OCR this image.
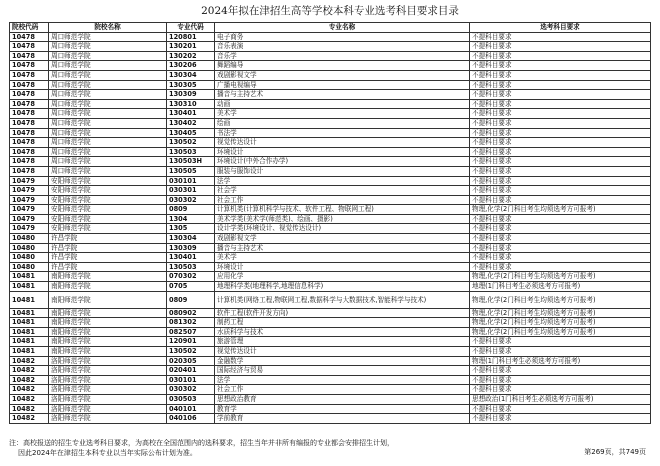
2024年拟在津招生高等学校本科专业选考科目要求目录
院校代码	院校名称	专业代码	专业名称	选考科目要求
10478	周口师范学院	120801	电子商务	不提科目要求
10478	周口师范学院	130201	音乐表演	不提科目要求
10478	周口师范学院	130202	音乐学	不提科目要求
10478	周口师范学院	130206	舞蹈编导	不提科目要求
10478	周口师范学院	130304	戏剧影视文学	不提科目要求
10478	周口师范学院	130305	广播电视编导	不提科目要求
10478	周口师范学院	130309	播音与主持艺术	不提科目要求
10478	周口师范学院	130310	动画	不提科目要求
10478	周口师范学院	130401	美术学	不提科目要求
10478	周口师范学院	130402	绘画	不提科目要求
10478	周口师范学院	130405	书法学	不提科目要求
10478	周口师范学院	130502	视觉传达设计	不提科目要求
10478	周口师范学院	130503	环境设计	不提科目要求
10478	周口师范学院	130503H	环境设计(中外合作办学)	不提科目要求
10478	周口师范学院	130505	服装与服饰设计	不提科目要求
10479	安阳师范学院	030101	法学	不提科目要求
10479	安阳师范学院	030301	社会学	不提科目要求
10479	安阳师范学院	030302	社会工作	不提科目要求
10479	安阳师范学院	0809	计算机类(计算机科学与技术、软件工程、物联网工程)	物理,化学(2门科目考生均须选考方可报考)
10479	安阳师范学院	1304	美术学类(美术学(师范类)、绘画、摄影)	不提科目要求
10479	安阳师范学院	1305	设计学类(环境设计、视觉传达设计)	不提科目要求
10480	许昌学院	130304	戏剧影视文学	不提科目要求
10480	许昌学院	130309	播音与主持艺术	不提科目要求
10480	许昌学院	130401	美术学	不提科目要求
10480	许昌学院	130503	环境设计	不提科目要求
10481	南阳师范学院	070302	应用化学	物理,化学(2门科目考生均须选考方可报考)
10481	南阳师范学院	0705	地理科学类(地理科学,地理信息科学)	地理(1门科目考生必须选考方可报考)
10481	南阳师范学院	0809	计算机类(网络工程,物联网工程,数据科学与大数据技术,智能科学与技术)	物理,化学(2门科目考生均须选考方可报考)
10481	南阳师范学院	080902	软件工程(软件开发方向)	物理,化学(2门科目考生均须选考方可报考)
10481	南阳师范学院	081302	制药工程	物理,化学(2门科目考生均须选考方可报考)
10481	南阳师范学院	082507	水质科学与技术	物理,化学(2门科目考生均须选考方可报考)
10481	南阳师范学院	120901	旅游管理	不提科目要求
10481	南阳师范学院	130502	视觉传达设计	不提科目要求
10482	洛阳师范学院	020305	金融数学	物理(1门科目考生必须选考方可报考)
10482	洛阳师范学院	020401	国际经济与贸易	不提科目要求
10482	洛阳师范学院	030101	法学	不提科目要求
10482	洛阳师范学院	030302	社会工作	不提科目要求
10482	洛阳师范学院	030503	思想政治教育	思想政治(1门科目考生必须选考方可报考)
10482	洛阳师范学院	040101	教育学	不提科目要求
10482	洛阳师范学院	040106	学前教育	不提科目要求
注：高校报送的招生专业选考科目要求，为高校在全国范围内的选科要求，招生当年并非所有编报的专业都会安排招生计划，
因此2024年在津招生本科专业以当年实际公布计划为准。	第269页，共749页
